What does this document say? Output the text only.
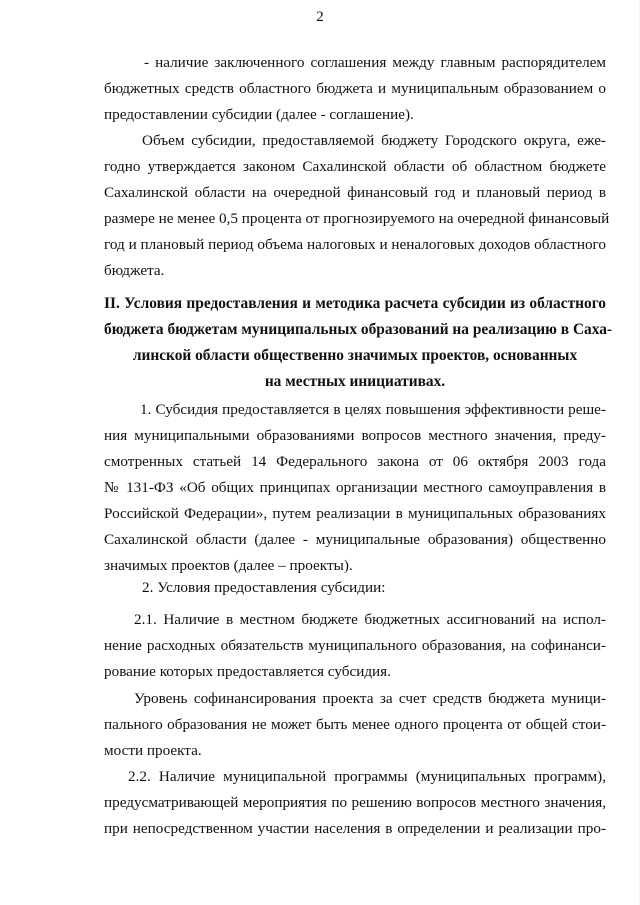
2
- наличие заключенного соглашения между главным распорядителем
бюджетных средств областного бюджета и муниципальным образованием о
предоставлении субсидии (далее - соглашение).
Объем субсидии, предоставляемой бюджету Городского округа, еже-
годно утверждается законом Сахалинской области об областном бюджете
Сахалинской области на очередной финансовый год и плановый период в
размере не менее 0,5 процента от прогнозируемого на очередной финансовый
год и плановый период объема налоговых и неналоговых доходов областного
бюджета.
II. Условия предоставления и методика расчета субсидии из областного
бюджета бюджетам муниципальных образований на реализацию в Саха-
линской области общественно значимых проектов, основанных
на местных инициативах.
1. Субсидия предоставляется в целях повышения эффективности реше-
ния муниципальными образованиями вопросов местного значения, преду-
смотренных статьей 14 Федерального закона от 06 октября 2003 года
№ 131-ФЗ «Об общих принципах организации местного самоуправления в
Российской Федерации», путем реализации в муниципальных образованиях
Сахалинской области (далее - муниципальные образования) общественно
значимых проектов (далее – проекты).
2. Условия предоставления субсидии:
2.1. Наличие в местном бюджете бюджетных ассигнований на испол-
нение расходных обязательств муниципального образования, на софинанси-
рование которых предоставляется субсидия.
Уровень софинансирования проекта за счет средств бюджета муници-
пального образования не может быть менее одного процента от общей стои-
мости проекта.
2.2. Наличие муниципальной программы (муниципальных программ),
предусматривающей мероприятия по решению вопросов местного значения,
при непосредственном участии населения в определении и реализации про-
